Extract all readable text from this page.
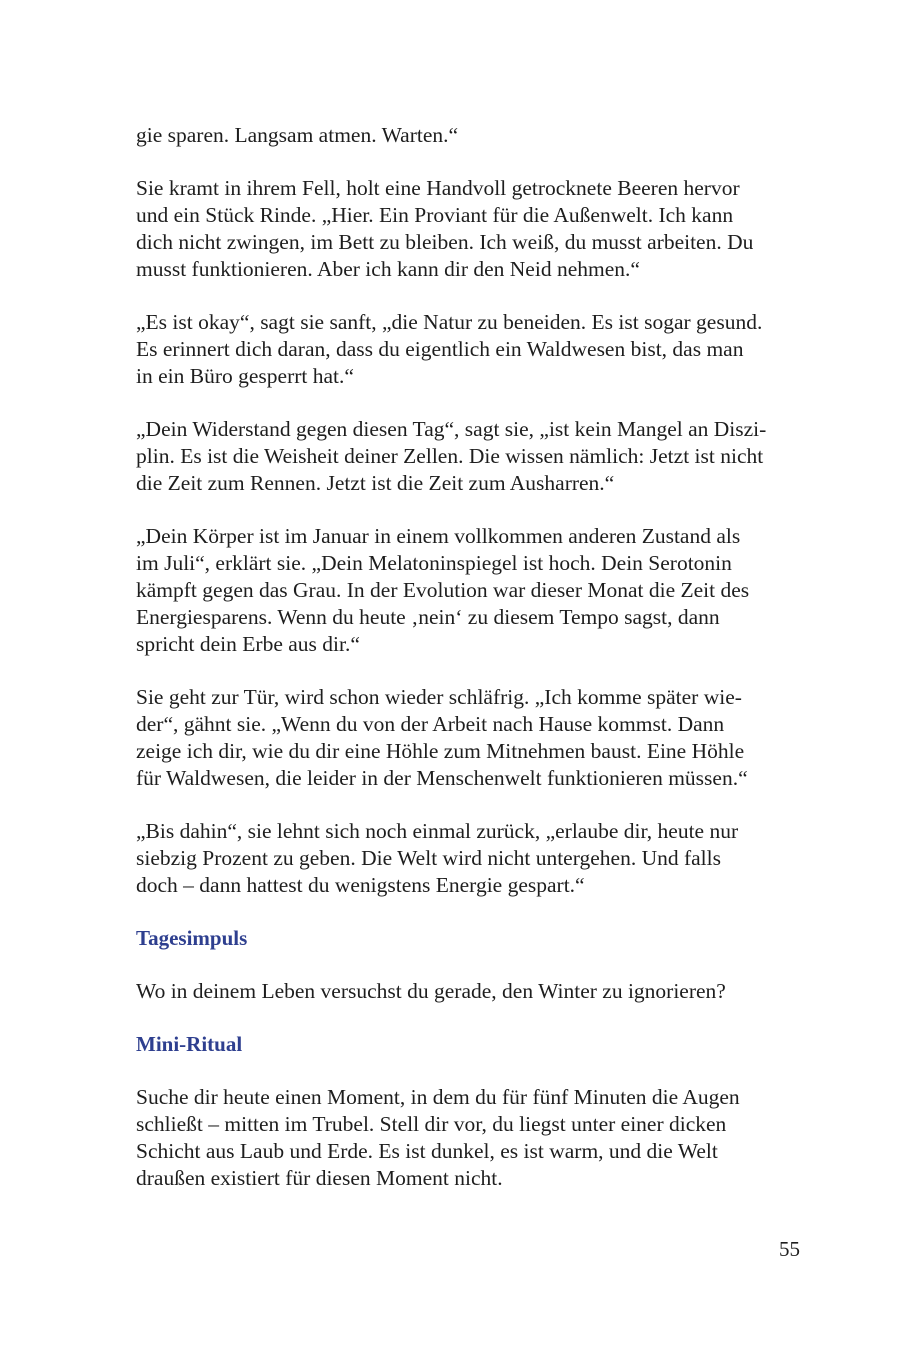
gie sparen. Langsam atmen. Warten.“
Sie kramt in ihrem Fell, holt eine Handvoll getrocknete Beeren hervor
und ein Stück Rinde. „Hier. Ein Proviant für die Außenwelt. Ich kann
dich nicht zwingen, im Bett zu bleiben. Ich weiß, du musst arbeiten. Du
musst funktionieren. Aber ich kann dir den Neid nehmen.“
„Es ist okay“, sagt sie sanft, „die Natur zu beneiden. Es ist sogar gesund.
Es erinnert dich daran, dass du eigentlich ein Waldwesen bist, das man
in ein Büro gesperrt hat.“
„Dein Widerstand gegen diesen Tag“, sagt sie, „ist kein Mangel an Diszi-
plin. Es ist die Weisheit deiner Zellen. Die wissen nämlich: Jetzt ist nicht
die Zeit zum Rennen. Jetzt ist die Zeit zum Ausharren.“
„Dein Körper ist im Januar in einem vollkommen anderen Zustand als
im Juli“, erklärt sie. „Dein Melatoninspiegel ist hoch. Dein Serotonin
kämpft gegen das Grau. In der Evolution war dieser Monat die Zeit des
Energiesparens. Wenn du heute ‚nein‘ zu diesem Tempo sagst, dann
spricht dein Erbe aus dir.“
Sie geht zur Tür, wird schon wieder schläfrig. „Ich komme später wie-
der“, gähnt sie. „Wenn du von der Arbeit nach Hause kommst. Dann
zeige ich dir, wie du dir eine Höhle zum Mitnehmen baust. Eine Höhle
für Waldwesen, die leider in der Menschenwelt funktionieren müssen.“
„Bis dahin“, sie lehnt sich noch einmal zurück, „erlaube dir, heute nur
siebzig Prozent zu geben. Die Welt wird nicht untergehen. Und falls
doch – dann hattest du wenigstens Energie gespart.“
Tagesimpuls
Wo in deinem Leben versuchst du gerade, den Winter zu ignorieren?
Mini-Ritual
Suche dir heute einen Moment, in dem du für fünf Minuten die Augen
schließt – mitten im Trubel. Stell dir vor, du liegst unter einer dicken
Schicht aus Laub und Erde. Es ist dunkel, es ist warm, und die Welt
draußen existiert für diesen Moment nicht.
55
